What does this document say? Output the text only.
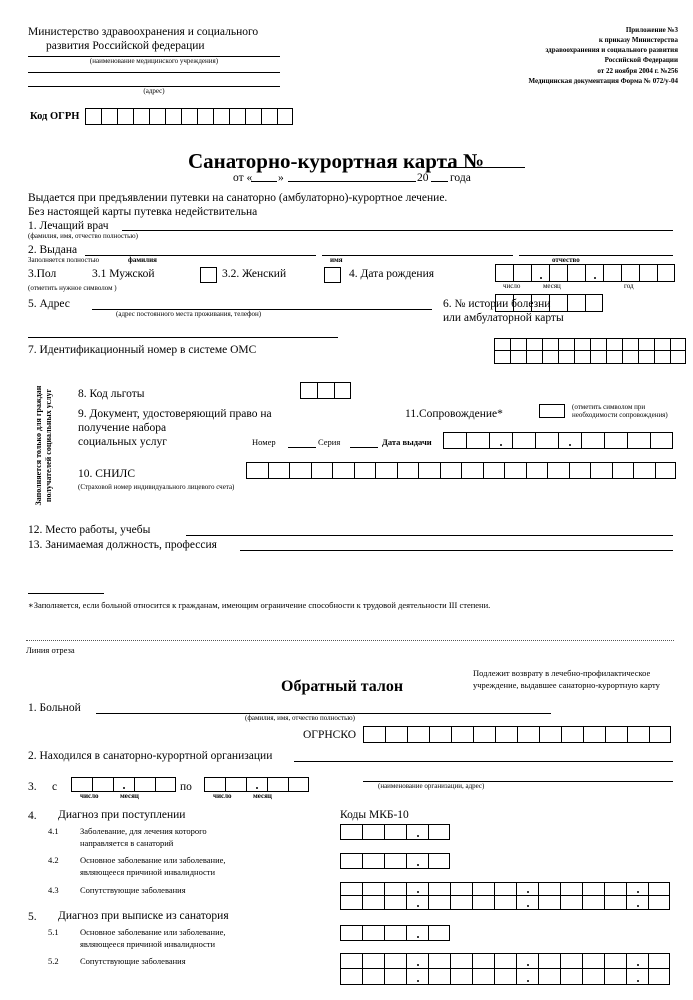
Министерство здравоохранения и социального
развития Российской федерации
(наименование медицинского учреждения)
(адрес)
Код ОГРН
Приложение №3
к приказу Министерства
здравоохранения и социального развития
Российской Федерации
от 22 ноября 2004 г. №256
Медицинская документация Форма № 072/у-04
Санаторно-курортная карта №
от « »	20 года
Выдается при предъявлении путевки на санаторно (амбулаторно)-курортное лечение.
Без настоящей карты путевка недействительна
1. Лечащий врач
(фамилия, имя, отчество полностью)
2. Выдана
Заполняется полностью	фамилия	имя	отчество
3.Пол	3.1 Мужской	3.2. Женский
(отметить нужное символом )
4. Дата рождения
число	месяц	год
5. Адрес
(адрес постоянного места проживания, телефон)
6. № истории болезни
или амбулаторной карты
7. Идентификационный номер в системе ОМС
Заполняется только для граждан получателей социальных услуг 8. Код льготы
9. Документ, удостоверяющий право на
получение набора
социальных услуг	Номер	Серия	Дата выдачи
11.Сопровождение*
(отметить символом при
необходимости сопровождения)
10. СНИЛС
(Страховой номер индивидуального лицевого счета)
12. Место работы, учебы
13. Занимаемая должность, профессия
∗Заполняется, если больной относится к гражданам, имеющим ограничение способности к трудовой деятельности III степени.
Линия отреза
Подлежит возврату в лечебно-профилактическое
учреждение, выдавшее санаторно-курортную карту
Обратный талон
1. Больной
(фамилия, имя, отчество полностью)
ОГРНСКО
2. Находился в санаторно-курортной организации
(наименование организации, адрес)
3. с
число	месяц
по
число	месяц
4. Диагноз при поступлении	Коды МКБ-10
4.1	Заболевание, для лечения которого
направляется в санаторий
4.2	Основное заболевание или заболевание,
являющееся причиной инвалидности
4.3	Сопутствующие заболевания
5. Диагноз при выписке из санатория
5.1	Основное заболевание или заболевание,
являющееся причиной инвалидности
5.2	Сопутствующие заболевания
